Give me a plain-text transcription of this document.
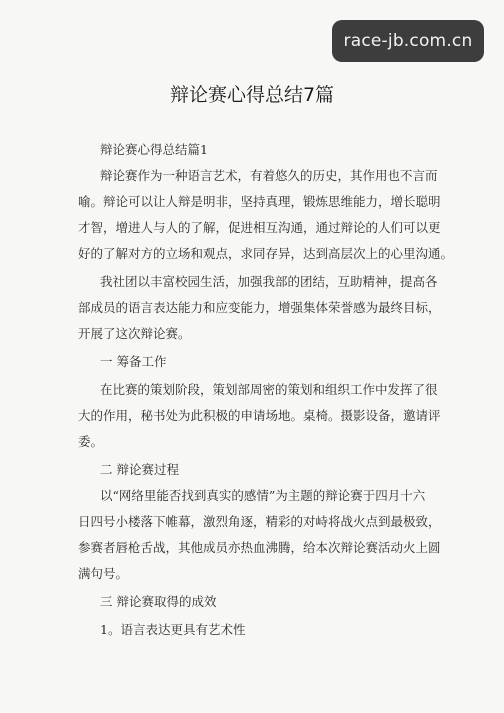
race-jb.com.cn
辩论赛心得总结7篇
辩论赛心得总结篇1
辩论赛作为一种语言艺术，有着悠久的历史，其作用也不言而
喻。辩论可以让人辩是明非，坚持真理，锻炼思维能力，增长聪明
才智，增进人与人的了解，促进相互沟通，通过辩论的人们可以更
好的了解对方的立场和观点，求同存异，达到高层次上的心里沟通。
我社团以丰富校园生活，加强我部的团结，互助精神，提高各
部成员的语言表达能力和应变能力，增强集体荣誉感为最终目标，
开展了这次辩论赛。
一 筹备工作
在比赛的策划阶段，策划部周密的策划和组织工作中发挥了很
大的作用，秘书处为此积极的申请场地。桌椅。摄影设备，邀请评
委。
二 辩论赛过程
以“网络里能否找到真实的感情”为主题的辩论赛于四月十六
日四号小楼落下帷幕，激烈角逐，精彩的对峙将战火点到最极致，
参赛者唇枪舌战，其他成员亦热血沸腾，给本次辩论赛活动火上圆
满句号。
三 辩论赛取得的成效
1。语言表达更具有艺术性
